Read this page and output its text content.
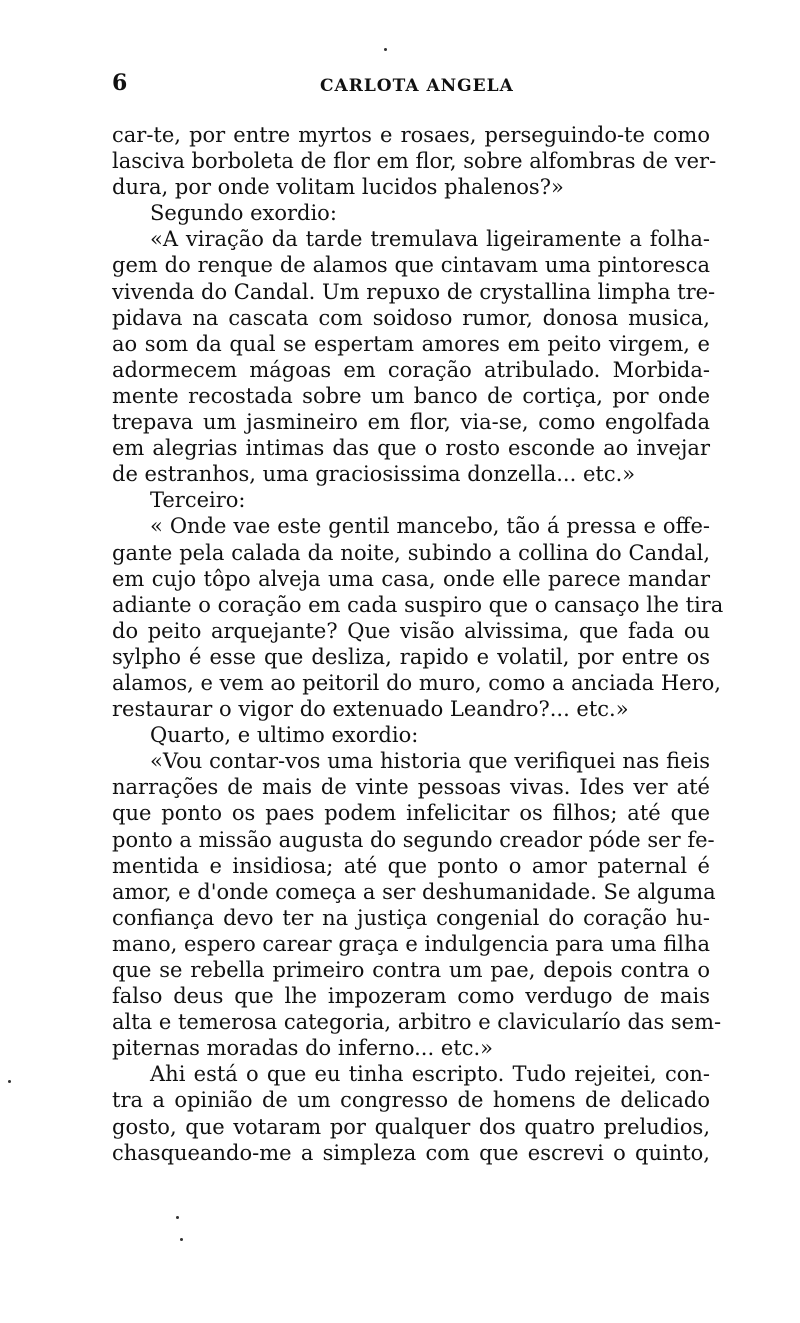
6	CARLOTA ANGELA
car-te, por entre myrtos e rosaes, perseguindo-te como
lasciva borboleta de flor em flor, sobre alfombras de ver-
dura, por onde volitam lucidos phalenos?»
Segundo exordio:
«A viração da tarde tremulava ligeiramente a folha-
gem do renque de alamos que cintavam uma pintoresca
vivenda do Candal. Um repuxo de crystallina limpha tre-
pidava na cascata com soidoso rumor, donosa musica,
ao som da qual se espertam amores em peito virgem, e
adormecem mágoas em coração atribulado. Morbida-
mente recostada sobre um banco de cortiça, por onde
trepava um jasmineiro em flor, via-se, como engolfada
em alegrias intimas das que o rosto esconde ao invejar
de estranhos, uma graciosissima donzella... etc.»
Terceiro:
« Onde vae este gentil mancebo, tão á pressa e offe-
gante pela calada da noite, subindo a collina do Candal,
em cujo tôpo alveja uma casa, onde elle parece mandar
adiante o coração em cada suspiro que o cansaço lhe tira
do peito arquejante? Que visão alvissima, que fada ou
sylpho é esse que desliza, rapido e volatil, por entre os
alamos, e vem ao peitoril do muro, como a anciada Hero,
restaurar o vigor do extenuado Leandro?... etc.»
Quarto, e ultimo exordio:
«Vou contar-vos uma historia que verifiquei nas fieis
narrações de mais de vinte pessoas vivas. Ides ver até
que ponto os paes podem infelicitar os filhos; até que
ponto a missão augusta do segundo creador póde ser fe-
mentida e insidiosa; até que ponto o amor paternal é
amor, e d'onde começa a ser deshumanidade. Se alguma
confiança devo ter na justiça congenial do coração hu-
mano, espero carear graça e indulgencia para uma filha
que se rebella primeiro contra um pae, depois contra o
falso deus que lhe impozeram como verdugo de mais
alta e temerosa categoria, arbitro e clavicularío das sem-
piternas moradas do inferno... etc.»
Ahi está o que eu tinha escripto. Tudo rejeitei, con-
tra a opinião de um congresso de homens de delicado
gosto, que votaram por qualquer dos quatro preludios,
chasqueando-me a simpleza com que escrevi o quinto,
